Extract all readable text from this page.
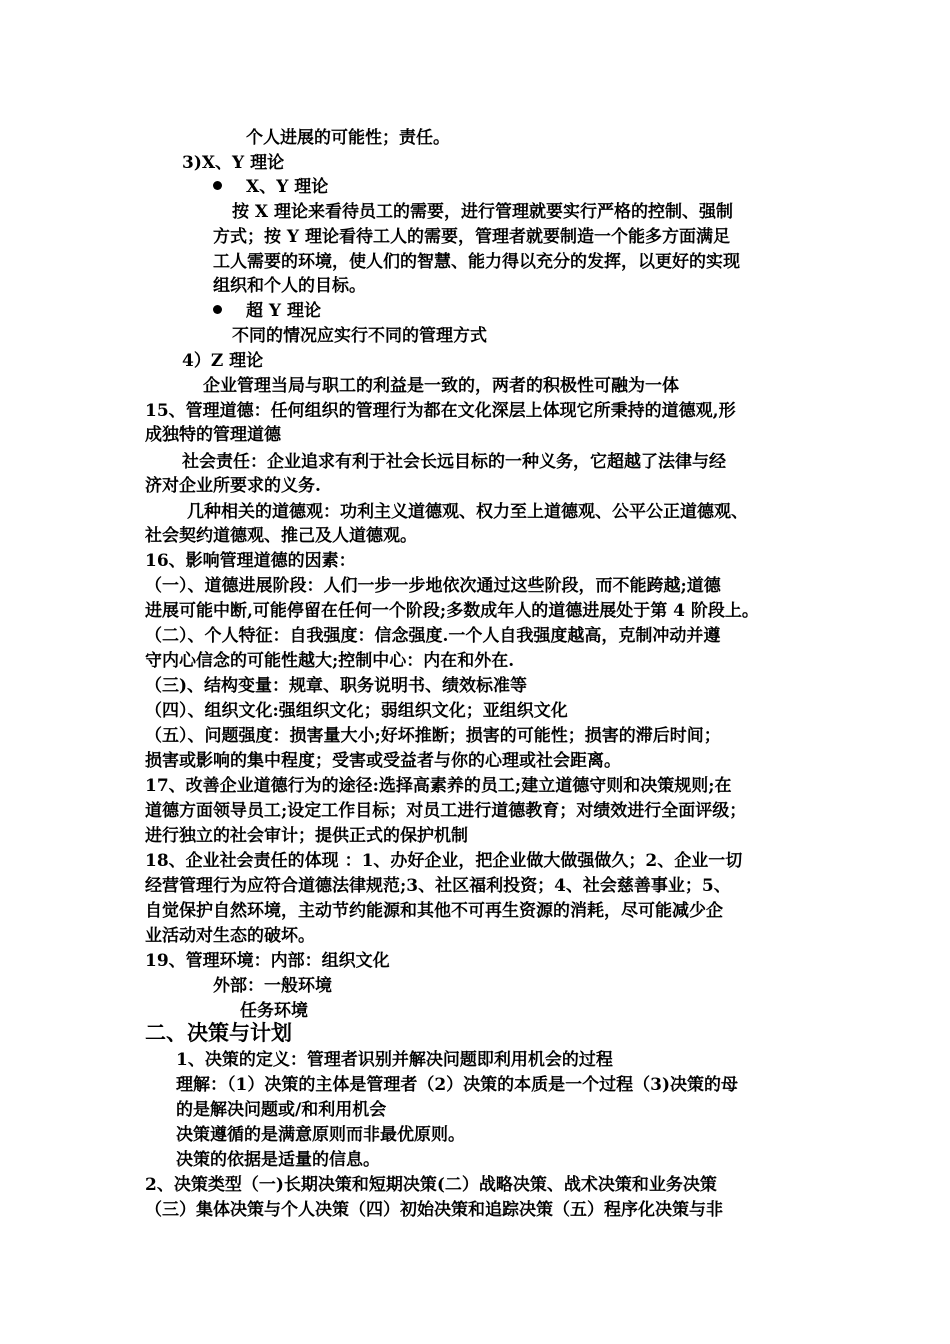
个人进展的可能性；责任。
3)X、Y 理论
X、Y 理论
按 X 理论来看待员工的需要，进行管理就要实行严格的控制、强制
方式；按 Y 理论看待工人的需要，管理者就要制造一个能多方面满足
工人需要的环境，使人们的智慧、能力得以充分的发挥，以更好的实现
组织和个人的目标。
超 Y 理论
不同的情况应实行不同的管理方式
4）Z 理论
企业管理当局与职工的利益是一致的，两者的积极性可融为一体
15、管理道德：任何组织的管理行为都在文化深层上体现它所秉持的道德观,形
成独特的管理道德
社会责任：企业追求有利于社会长远目标的一种义务，它超越了法律与经
济对企业所要求的义务.
几种相关的道德观：功利主义道德观、权力至上道德观、公平公正道德观、
社会契约道德观、推己及人道德观。
16、影响管理道德的因素：
（一）、道德进展阶段：人们一步一步地依次通过这些阶段，而不能跨越;道德
进展可能中断,可能停留在任何一个阶段;多数成年人的道德进展处于第 4 阶段上。
（二）、个人特征：自我强度：信念强度.一个人自我强度越高，克制冲动并遵
守内心信念的可能性越大;控制中心：内在和外在.
（三)、结构变量：规章、职务说明书、绩效标准等
（四）、组织文化:强组织文化；弱组织文化；亚组织文化
（五）、问题强度：损害量大小;好坏推断；损害的可能性；损害的滞后时间；
损害或影响的集中程度；受害或受益者与你的心理或社会距离。
17、改善企业道德行为的途径:选择高素养的员工;建立道德守则和决策规则;在
道德方面领导员工;设定工作目标；对员工进行道德教育；对绩效进行全面评级；
进行独立的社会审计；提供正式的保护机制
18、企业社会责任的体现 ：1、办好企业，把企业做大做强做久；2、企业一切
经营管理行为应符合道德法律规范;3、社区福利投资；4、社会慈善事业；5、
自觉保护自然环境，主动节约能源和其他不可再生资源的消耗，尽可能减少企
业活动对生态的破坏。
19、管理环境：内部：组织文化
外部：一般环境
任务环境
二、决策与计划
1、决策的定义：管理者识别并解决问题即利用机会的过程
理解：（1）决策的主体是管理者（2）决策的本质是一个过程（3)决策的母
的是解决问题或/和利用机会
决策遵循的是满意原则而非最优原则。
决策的依据是适量的信息。
2、决策类型（一)长期决策和短期决策(二）战略决策、战术决策和业务决策
（三）集体决策与个人决策（四）初始决策和追踪决策（五）程序化决策与非
